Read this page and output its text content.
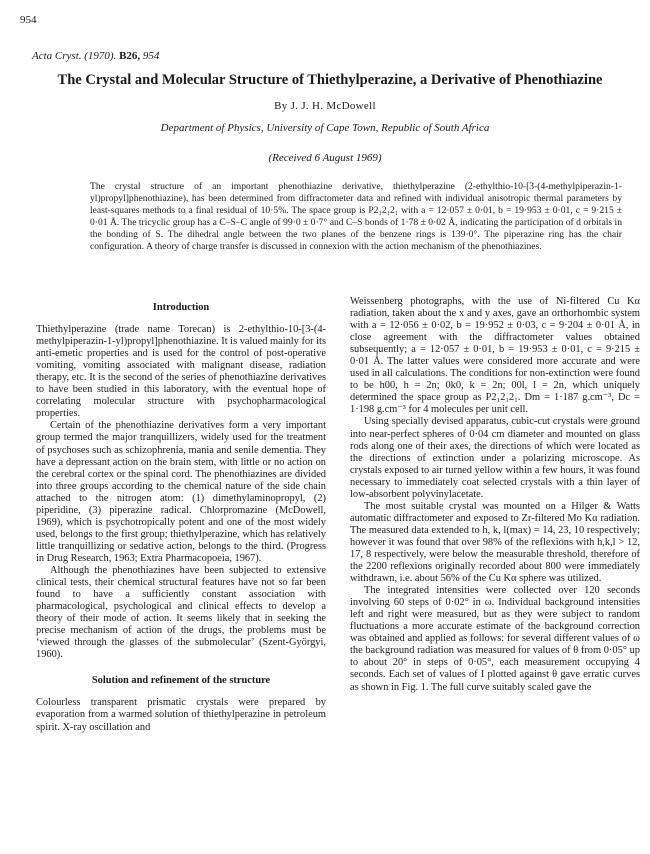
954
Acta Cryst. (1970). B26, 954
The Crystal and Molecular Structure of Thiethylperazine, a Derivative of Phenothiazine
By J. J. H. McDowell
Department of Physics, University of Cape Town, Republic of South Africa
(Received 6 August 1969)
The crystal structure of an important phenothiazine derivative, thiethylperazine (2-ethylthio-10-[3-(4-methylpiperazin-1-yl)propyl]phenothiazine), has been determined from diffractometer data and refined with individual anisotropic thermal parameters by least-squares methods to a final residual of 10·5%. The space group is P2₁2₁2₁ with a = 12·057 ± 0·01, b = 19·953 ± 0·01, c = 9·215 ± 0·01 Å. The tricyclic group has a C–S–C angle of 99·0 ± 0·7° and C–S bonds of 1·78 ± 0·02 Å, indicating the participation of d orbitals in the bonding of S. The dihedral angle between the two planes of the benzene rings is 139·0°. The piperazine ring has the chair configuration. A theory of charge transfer is discussed in connexion with the action mechanism of the phenothiazines.
Introduction

Thiethylperazine (trade name Torecan) is 2-ethylthio-10-[3-(4-methylpiperazin-1-yl)propyl]phenothiazine. It is valued mainly for its anti-emetic properties and is used for the control of post-operative vomiting, vomiting associated with malignant disease, radiation therapy, etc. It is the second of the series of phenothiazine derivatives to have been studied in this laboratory, with the eventual hope of correlating molecular structure with psychopharmacological properties.

Certain of the phenothiazine derivatives form a very important group termed the major tranquillizers, widely used for the treatment of psychoses such as schizophrenia, mania and senile dementia. They have a depressant action on the brain stem, with little or no action on the cerebral cortex or the spinal cord. The phenothiazines are divided into three groups according to the chemical nature of the side chain attached to the nitrogen atom: (1) dimethylaminopropyl, (2) piperidine, (3) piperazine radical. Chlorpromazine (McDowell, 1969), which is psychotropically potent and one of the most widely used, belongs to the first group; thiethylperazine, which has relatively little tranquillizing or sedative action, belongs to the third. (Progress in Drug Research, 1963; Extra Pharmacopoeia, 1967).

Although the phenothiazines have been subjected to extensive clinical tests, their chemical structural features have not so far been found to have a sufficiently constant association with pharmacological, psychological and clinical effects to develop a theory of their mode of action. It seems likely that in seeking the precise mechanism of action of the drugs, the problems must be ‘viewed through the glasses of the submolecular’ (Szent-Györgyi, 1960).

Solution and refinement of the structure

Colourless transparent prismatic crystals were prepared by evaporation from a warmed solution of thiethylperazine in petroleum spirit. X-ray oscillation and

Weissenberg photographs, with the use of Ni-filtered Cu Kα radiation, taken about the x and y axes, gave an orthorhombic system with a = 12·056 ± 0·02, b = 19·952 ± 0·03, c = 9·204 ± 0·01 Å, in close agreement with the diffractometer values obtained subsequently; a = 12·057 ± 0·01, b = 19·953 ± 0·01, c = 9·215 ± 0·01 Å. The latter values were considered more accurate and were used in all calculations. The conditions for non-extinction were found to be h00, h = 2n; 0k0, k = 2n; 00l, l = 2n, which uniquely determined the space group as P2₁2₁2₁. Dm = 1·187 g.cm⁻³, Dc = 1·198 g.cm⁻³ for 4 molecules per unit cell.

Using specially devised apparatus, cubic-cut crystals were ground into near-perfect spheres of 0·04 cm diameter and mounted on glass rods along one of their axes, the directions of which were located as the directions of extinction under a polarizing microscope. As crystals exposed to air turned yellow within a few hours, it was found necessary to immediately coat selected crystals with a thin layer of low-absorbent polyvinylacetate.

The most suitable crystal was mounted on a Hilger & Watts automatic diffractometer and exposed to Zr-filtered Mo Kα radiation. The measured data extended to h, k, l(max) = 14, 23, 10 respectively; however it was found that over 98% of the reflexions with h,k,l > 12, 17, 8 respectively, were below the measurable threshold, therefore of the 2200 reflexions originally recorded about 800 were immediately withdrawn, i.e. about 56% of the Cu Kα sphere was utilized.

The integrated intensities were collected over 120 seconds involving 60 steps of 0·02° in ω. Individual background intensities left and right were measured, but as they were subject to random fluctuations a more accurate estimate of the background correction was obtained and applied as follows: for several different values of ω the background radiation was measured for values of θ from 0·05° up to about 20° in steps of 0·05°, each measurement occupying 4 seconds. Each set of values of I plotted against θ gave erratic curves as shown in Fig. 1. The full curve suitably scaled gave the
